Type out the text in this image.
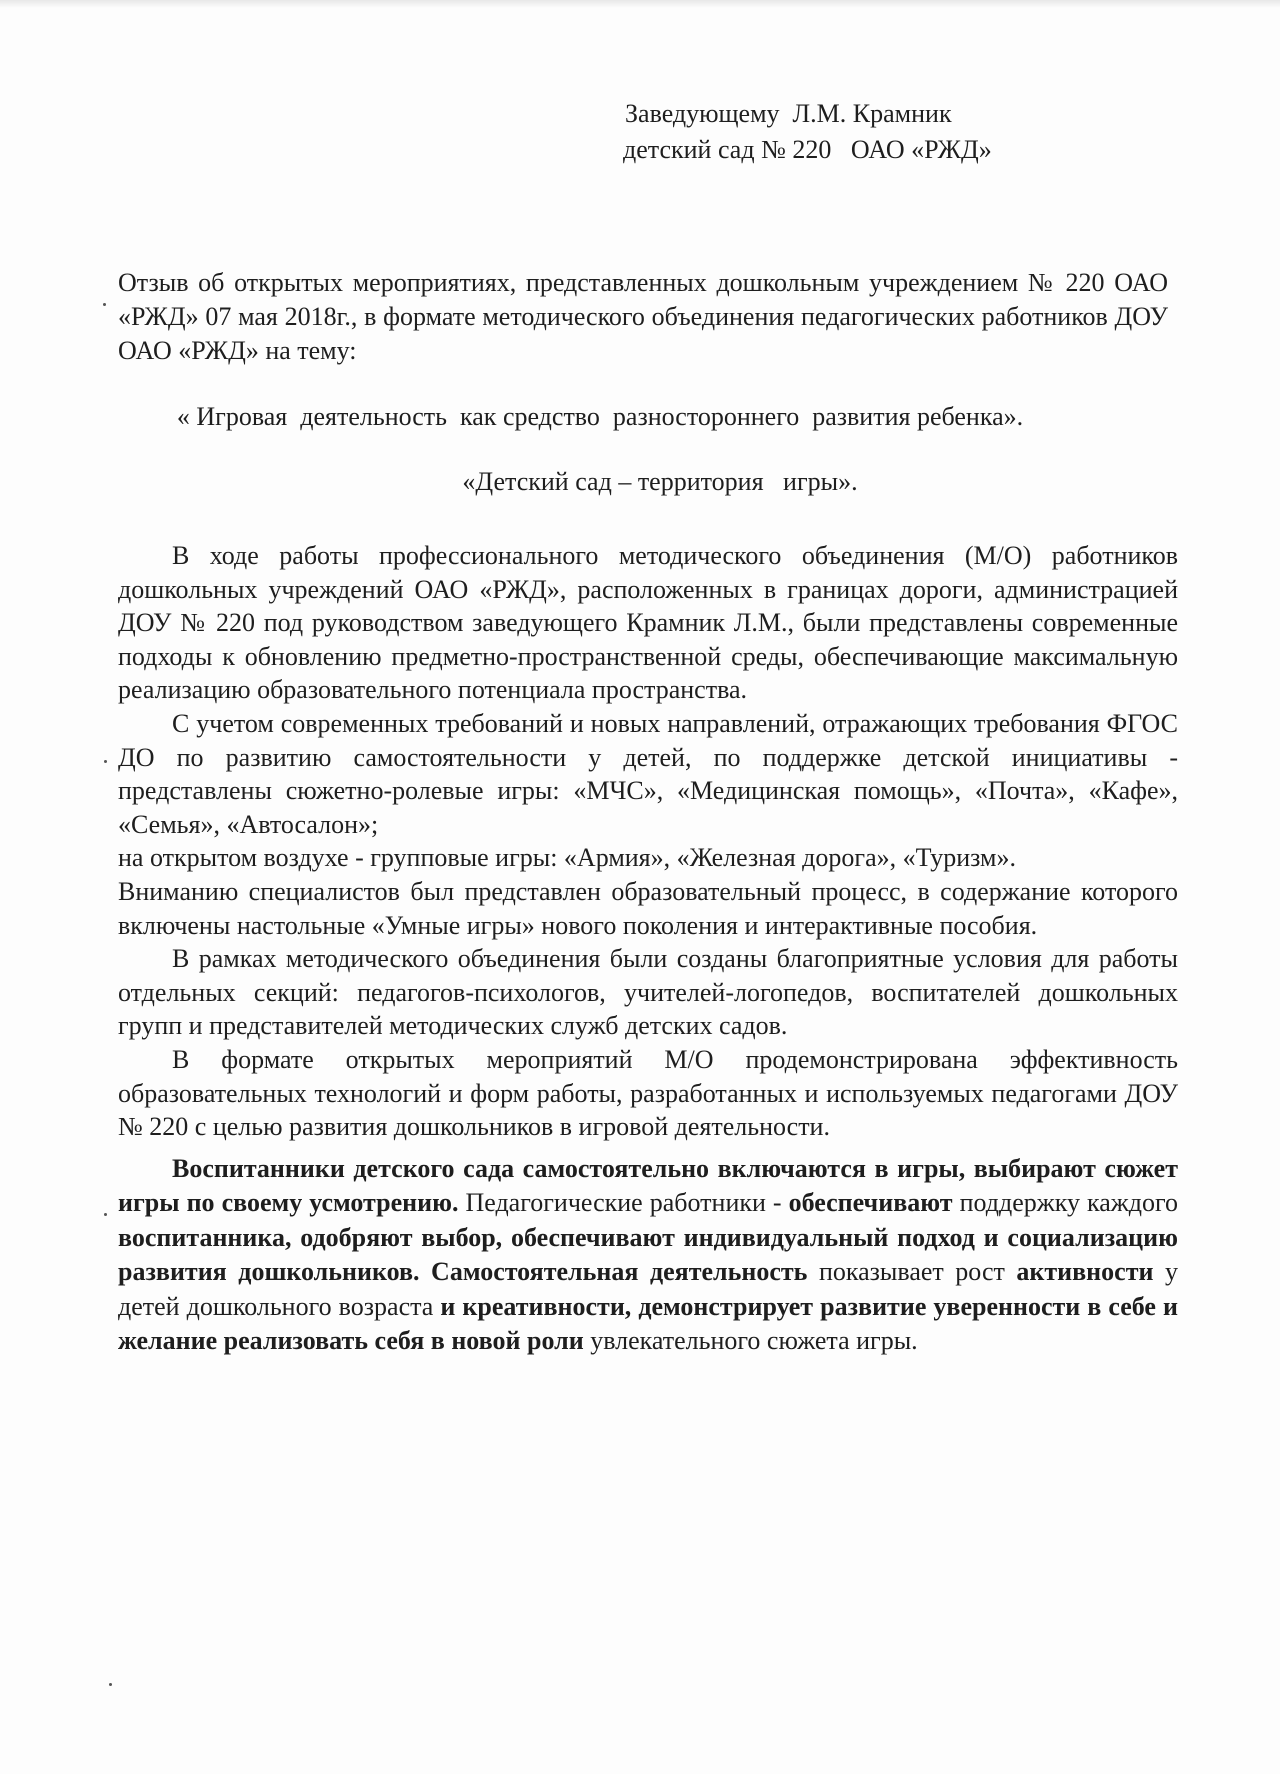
Заведующему  Л.М. Крамник
детский сад № 220   ОАО «РЖД»
Отзыв об открытых мероприятиях, представленных дошкольным учреждением № 220 ОАО «РЖД» 07 мая 2018г., в формате методического объединения педагогических работников ДОУ ОАО «РЖД» на тему:
« Игровая  деятельность  как средство  разностороннего  развития ребенка».
«Детский сад – территория   игры».

В ходе работы профессионального методического объединения (М/О) работников дошкольных учреждений ОАО «РЖД», расположенных в границах дороги, администрацией ДОУ № 220 под руководством заведующего Крамник Л.М., были представлены современные подходы к обновлению предметно-пространственной среды, обеспечивающие максимальную реализацию образовательного потенциала пространства.

С учетом современных требований и новых направлений, отражающих требования ФГОС ДО по развитию самостоятельности у детей, по поддержке детской инициативы - представлены сюжетно-ролевые игры: «МЧС», «Медицинская помощь», «Почта», «Кафе», «Семья», «Автосалон»;

на открытом воздухе - групповые игры: «Армия», «Железная дорога», «Туризм».

Вниманию специалистов был представлен образовательный процесс, в содержание которого включены настольные «Умные игры» нового поколения и интерактивные пособия.

В рамках методического объединения были созданы благоприятные условия для работы отдельных секций: педагогов-психологов, учителей-логопедов, воспитателей дошкольных групп и представителей методических служб детских садов.

В формате открытых мероприятий М/О продемонстрирована эффективность образовательных технологий и форм работы, разработанных и используемых педагогами ДОУ № 220 с целью развития дошкольников в игровой деятельности.

Воспитанники детского сада самостоятельно включаются в игры, выбирают сюжет игры по своему усмотрению. Педагогические работники - обеспечивают поддержку каждого воспитанника, одобряют выбор, обеспечивают индивидуальный подход и социализацию развития дошкольников. Самостоятельная деятельность показывает рост активности у детей дошкольного возраста и креативности, демонстрирует развитие уверенности в себе и желание реализовать себя в новой роли увлекательного сюжета игры.
